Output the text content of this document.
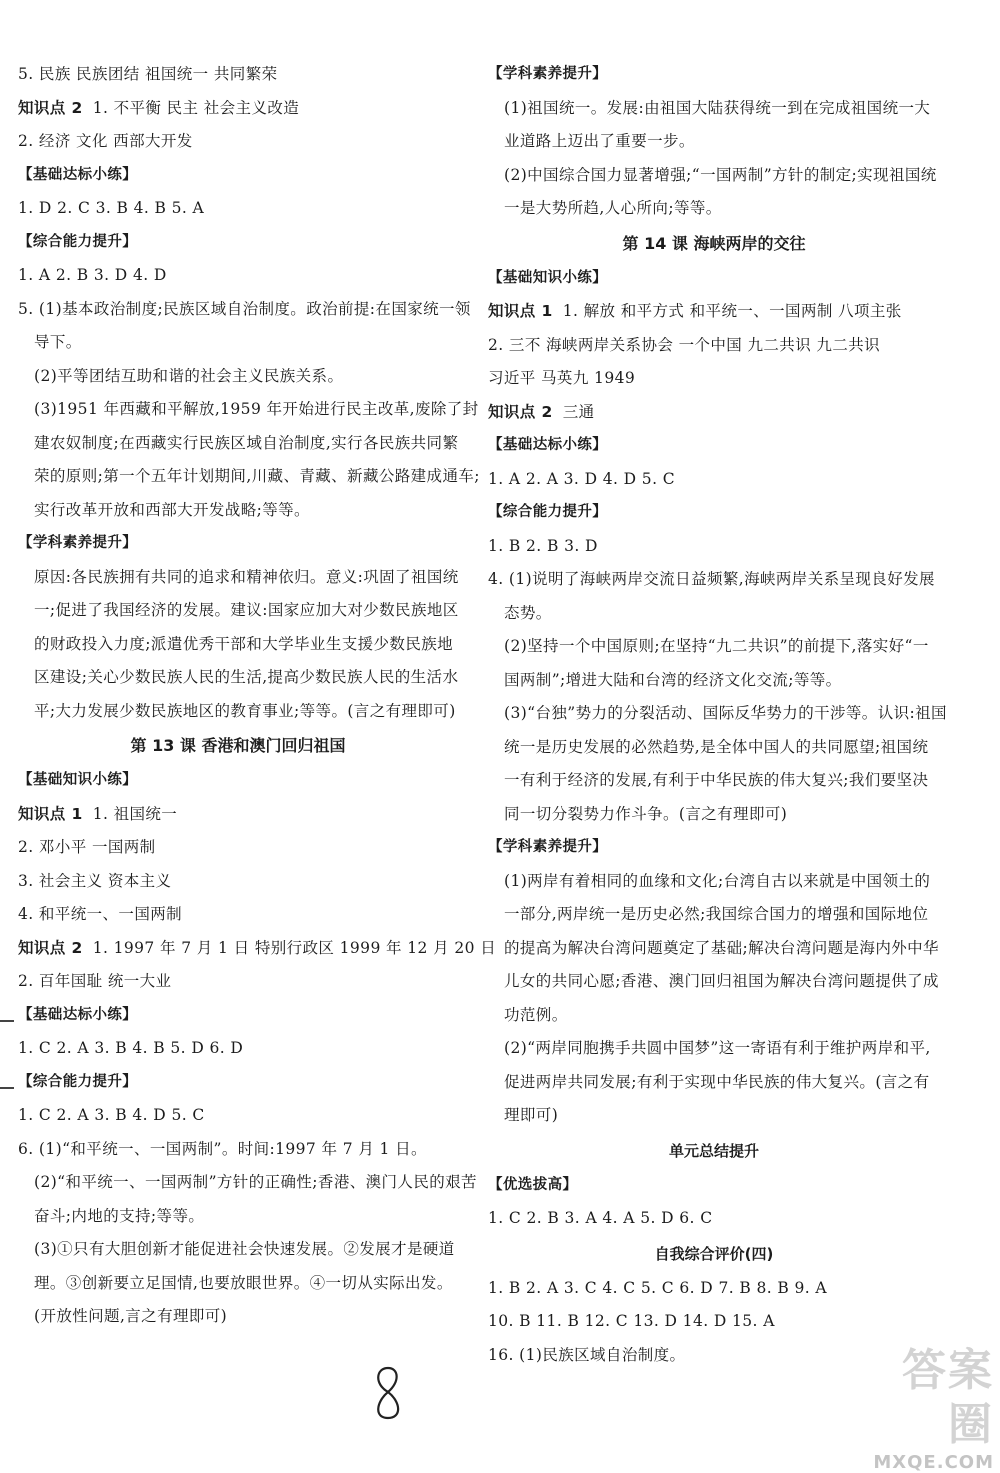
5. 民族 民族团结 祖国统一 共同繁荣
知识点 2 1. 不平衡 民主 社会主义改造
2. 经济 文化 西部大开发
【基础达标小练】
1. D 2. C 3. B 4. B 5. A
【综合能力提升】
1. A 2. B 3. D 4. D
5. (1)基本政治制度;民族区域自治制度。政治前提:在国家统一领
导下。
(2)平等团结互助和谐的社会主义民族关系。
(3)1951 年西藏和平解放,1959 年开始进行民主改革,废除了封
建农奴制度;在西藏实行民族区域自治制度,实行各民族共同繁
荣的原则;第一个五年计划期间,川藏、青藏、新藏公路建成通车;
实行改革开放和西部大开发战略;等等。
【学科素养提升】
原因:各民族拥有共同的追求和精神依归。意义:巩固了祖国统
一;促进了我国经济的发展。建议:国家应加大对少数民族地区
的财政投入力度;派遣优秀干部和大学毕业生支援少数民族地
区建设;关心少数民族人民的生活,提高少数民族人民的生活水
平;大力发展少数民族地区的教育事业;等等。(言之有理即可)
第 13 课 香港和澳门回归祖国
【基础知识小练】
知识点 1 1. 祖国统一
2. 邓小平 一国两制
3. 社会主义 资本主义
4. 和平统一、一国两制
知识点 2 1. 1997 年 7 月 1 日 特别行政区 1999 年 12 月 20 日
2. 百年国耻 统一大业
【基础达标小练】
1. C 2. A 3. B 4. B 5. D 6. D
【综合能力提升】
1. C 2. A 3. B 4. D 5. C
6. (1)“和平统一、一国两制”。时间:1997 年 7 月 1 日。
(2)“和平统一、一国两制”方针的正确性;香港、澳门人民的艰苦
奋斗;内地的支持;等等。
(3)①只有大胆创新才能促进社会快速发展。②发展才是硬道
理。③创新要立足国情,也要放眼世界。④一切从实际出发。
(开放性问题,言之有理即可)
【学科素养提升】
(1)祖国统一。发展:由祖国大陆获得统一到在完成祖国统一大
业道路上迈出了重要一步。
(2)中国综合国力显著增强;“一国两制”方针的制定;实现祖国统
一是大势所趋,人心所向;等等。
第 14 课 海峡两岸的交往
【基础知识小练】
知识点 1 1. 解放 和平方式 和平统一、一国两制 八项主张
2. 三不 海峡两岸关系协会 一个中国 九二共识 九二共识
习近平 马英九 1949
知识点 2 三通
【基础达标小练】
1. A 2. A 3. D 4. D 5. C
【综合能力提升】
1. B 2. B 3. D
4. (1)说明了海峡两岸交流日益频繁,海峡两岸关系呈现良好发展
态势。
(2)坚持一个中国原则;在坚持“九二共识”的前提下,落实好“一
国两制”;增进大陆和台湾的经济文化交流;等等。
(3)“台独”势力的分裂活动、国际反华势力的干涉等。认识:祖国
统一是历史发展的必然趋势,是全体中国人的共同愿望;祖国统
一有利于经济的发展,有利于中华民族的伟大复兴;我们要坚决
同一切分裂势力作斗争。(言之有理即可)
【学科素养提升】
(1)两岸有着相同的血缘和文化;台湾自古以来就是中国领土的
一部分,两岸统一是历史必然;我国综合国力的增强和国际地位
的提高为解决台湾问题奠定了基础;解决台湾问题是海内外中华
儿女的共同心愿;香港、澳门回归祖国为解决台湾问题提供了成
功范例。
(2)“两岸同胞携手共圆中国梦”这一寄语有利于维护两岸和平,
促进两岸共同发展;有利于实现中华民族的伟大复兴。(言之有
理即可)
单元总结提升
【优选拔高】
1. C 2. B 3. A 4. A 5. D 6. C
自我综合评价(四)
1. B 2. A 3. C 4. C 5. C 6. D 7. B 8. B 9. A
10. B 11. B 12. C 13. D 14. D 15. A
16. (1)民族区域自治制度。	答案圈
MXQE.COM
